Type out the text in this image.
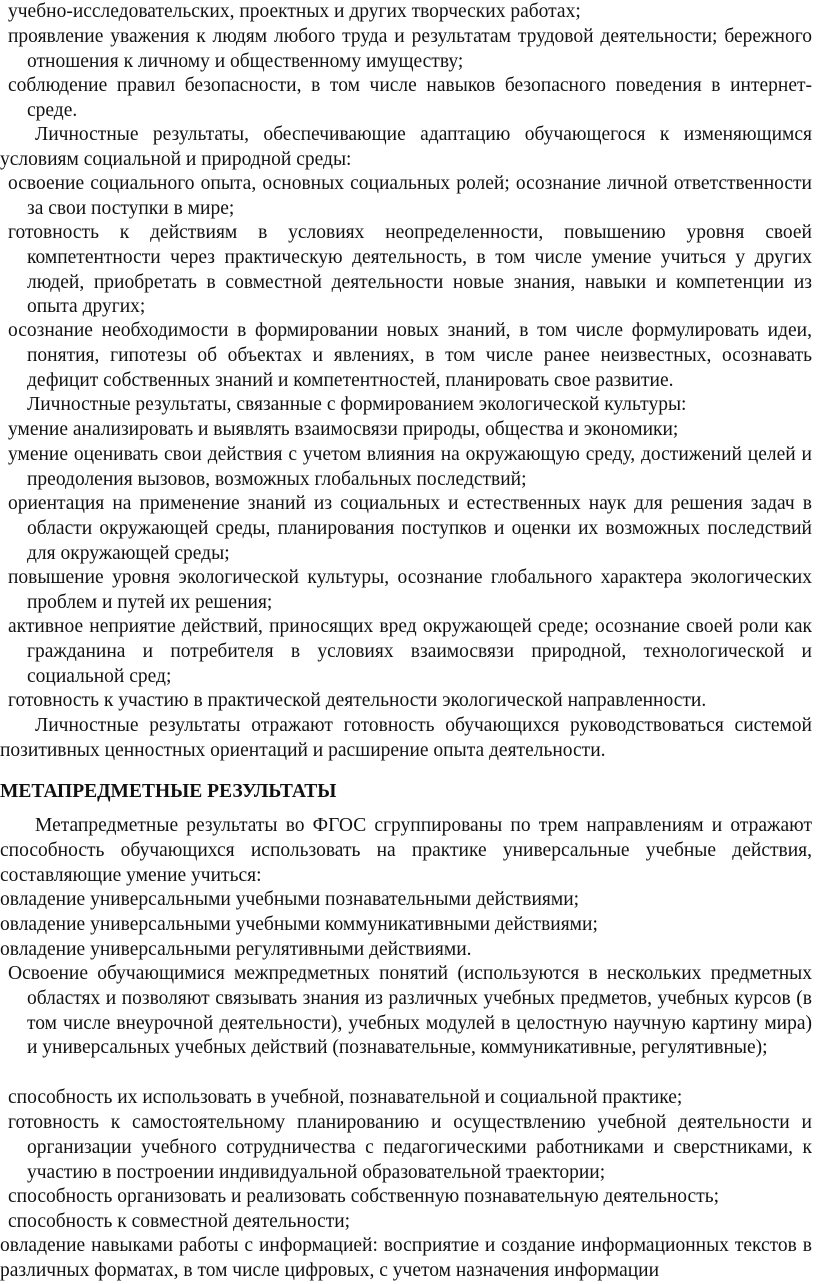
учебно-исследовательских, проектных и других творческих работах;

проявление уважения к людям любого труда и результатам трудовой деятельности; бережного отношения к личному и общественному имуществу;

соблюдение правил безопасности, в том числе навыков безопасного поведения в интернет-среде.

Личностные результаты, обеспечивающие адаптацию обучающегося к изменяющимся условиям социальной и природной среды:

освоение социального опыта, основных социальных ролей; осознание личной ответственности за свои поступки в мире;

готовность к действиям в условиях неопределенности, повышению уровня своей компетентности через практическую деятельность, в том числе умение учиться у других людей, приобретать в совместной деятельности новые знания, навыки и компетенции из опыта других;

осознание необходимости в формировании новых знаний, в том числе формулировать идеи, понятия, гипотезы об объектах и явлениях, в том числе ранее неизвестных, осознавать дефицит собственных знаний и компетентностей, планировать свое развитие.

Личностные результаты, связанные с формированием экологической культуры:

умение анализировать и выявлять взаимосвязи природы, общества и экономики;

умение оценивать свои действия с учетом влияния на окружающую среду, достижений целей и преодоления вызовов, возможных глобальных последствий;

ориентация на применение знаний из социальных и естественных наук для решения задач в области окружающей среды, планирования поступков и оценки их возможных последствий для окружающей среды;

повышение уровня экологической культуры, осознание глобального характера экологических проблем и путей их решения;

активное неприятие действий, приносящих вред окружающей среде; осознание своей роли как гражданина и потребителя в условиях взаимосвязи природной, технологической и социальной сред;

готовность к участию в практической деятельности экологической направленности.

Личностные результаты отражают готовность обучающихся руководствоваться системой позитивных ценностных ориентаций и расширение опыта деятельности.

МЕТАПРЕДМЕТНЫЕ РЕЗУЛЬТАТЫ

Метапредметные результаты во ФГОС сгруппированы по трем направлениям и отражают способность обучающихся использовать на практике универсальные учебные действия, составляющие умение учиться:

овладение универсальными учебными познавательными действиями;

овладение универсальными учебными коммуникативными действиями;

овладение универсальными регулятивными действиями.

Освоение обучающимися межпредметных понятий (используются в нескольких предметных областях и позволяют связывать знания из различных учебных предметов, учебных курсов (в том числе внеурочной деятельности), учебных модулей в целостную научную картину мира) и универсальных учебных действий (познавательные, коммуникативные, регулятивные);

способность их использовать в учебной, познавательной и социальной практике;

готовность к самостоятельному планированию и осуществлению учебной деятельности и организации учебного сотрудничества с педагогическими работниками и сверстниками, к участию в построении индивидуальной образовательной траектории;

способность организовать и реализовать собственную познавательную деятельность;

способность к совместной деятельности;

овладение навыками работы с информацией: восприятие и создание информационных текстов в различных форматах, в том числе цифровых, с учетом назначения информации
